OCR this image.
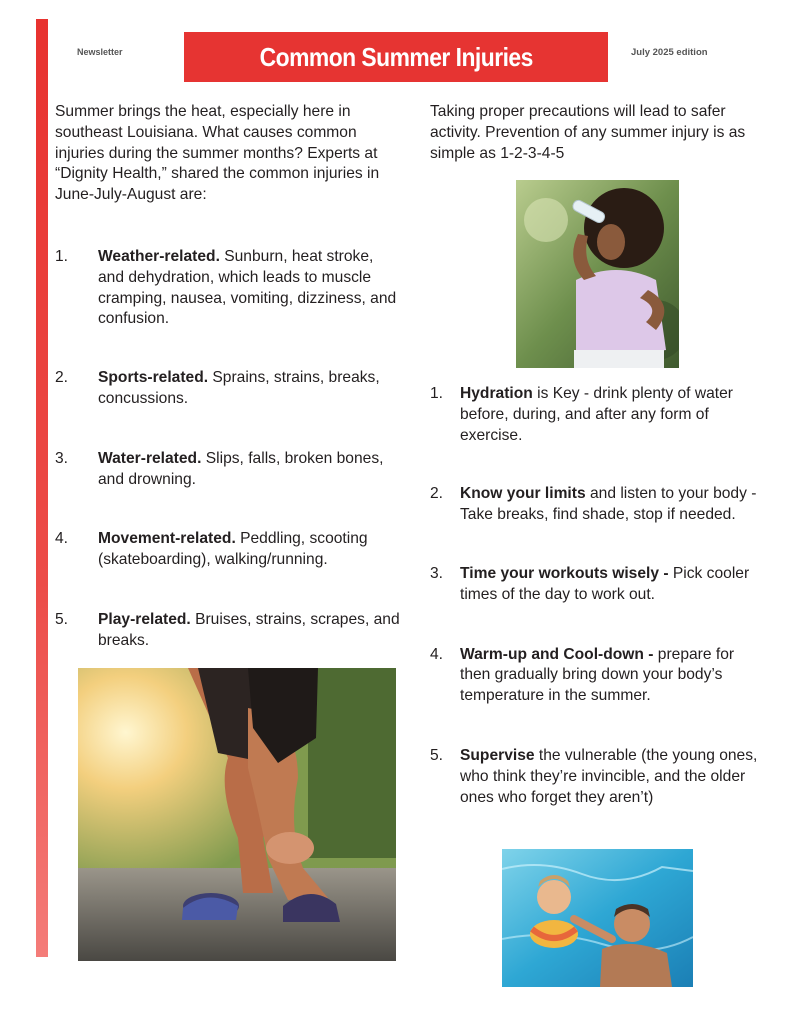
Newsletter	Common Summer Injuries	July 2025 edition

Summer brings the heat, especially here in southeast Louisiana. What causes common injuries during the summer months? Experts at “Dignity Health,” shared the common injuries in June-July-August are:

1. Weather-related. Sunburn, heat stroke, and dehydration, which leads to muscle cramping, nausea, vomiting, dizziness, and confusion.
2. Sports-related. Sprains, strains, breaks, concussions.
3. Water-related. Slips, falls, broken bones, and drowning.
4. Movement-related. Peddling, scooting (skateboarding), walking/running.
5. Play-related. Bruises, strains, scrapes, and breaks.

Taking proper precautions will lead to safer activity. Prevention of any summer injury is as simple as 1-2-3-4-5

1. Hydration is Key - drink plenty of water before, during, and after any form of exercise.
2. Know your limits and listen to your body - Take breaks, find shade, stop if needed.
3. Time your workouts wisely - Pick cooler times of the day to work out.
4. Warm-up and Cool-down - prepare for then gradually bring down your body’s temperature in the summer.
5. Supervise the vulnerable (the young ones, who think they’re invincible, and the older ones who forget they aren’t)
